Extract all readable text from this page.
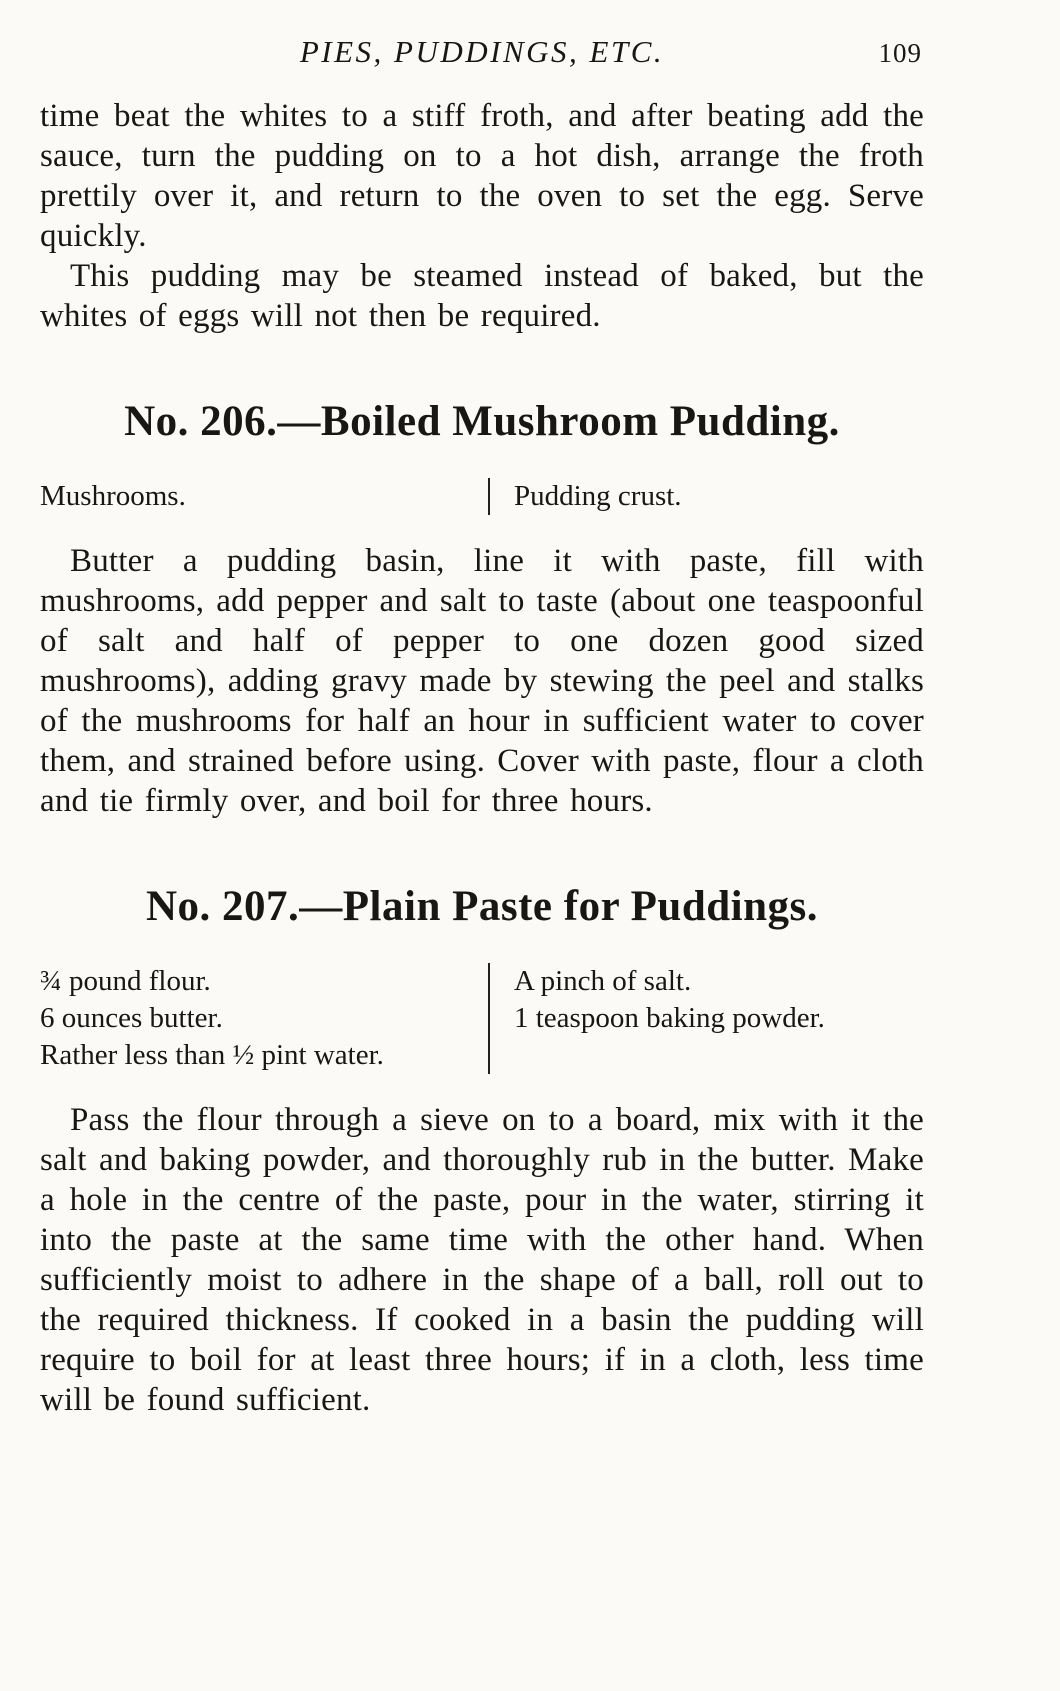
PIES, PUDDINGS, ETC.	109

time beat the whites to a stiff froth, and after beating add the sauce, turn the pudding on to a hot dish, arrange the froth prettily over it, and return to the oven to set the egg. Serve quickly.

This pudding may be steamed instead of baked, but the whites of eggs will not then be required.

No. 206.—Boiled Mushroom Pudding.
Mushrooms.	Pudding crust.

Butter a pudding basin, line it with paste, fill with mushrooms, add pepper and salt to taste (about one teaspoonful of salt and half of pepper to one dozen good sized mushrooms), adding gravy made by stewing the peel and stalks of the mushrooms for half an hour in sufficient water to cover them, and strained before using. Cover with paste, flour a cloth and tie firmly over, and boil for three hours.

No. 207.—Plain Paste for Puddings.
¾ pound flour.
6 ounces butter.
Rather less than ½ pint water.
A pinch of salt.
1 teaspoon baking powder.

Pass the flour through a sieve on to a board, mix with it the salt and baking powder, and thoroughly rub in the butter. Make a hole in the centre of the paste, pour in the water, stirring it into the paste at the same time with the other hand. When sufficiently moist to adhere in the shape of a ball, roll out to the required thickness. If cooked in a basin the pudding will require to boil for at least three hours; if in a cloth, less time will be found sufficient.
